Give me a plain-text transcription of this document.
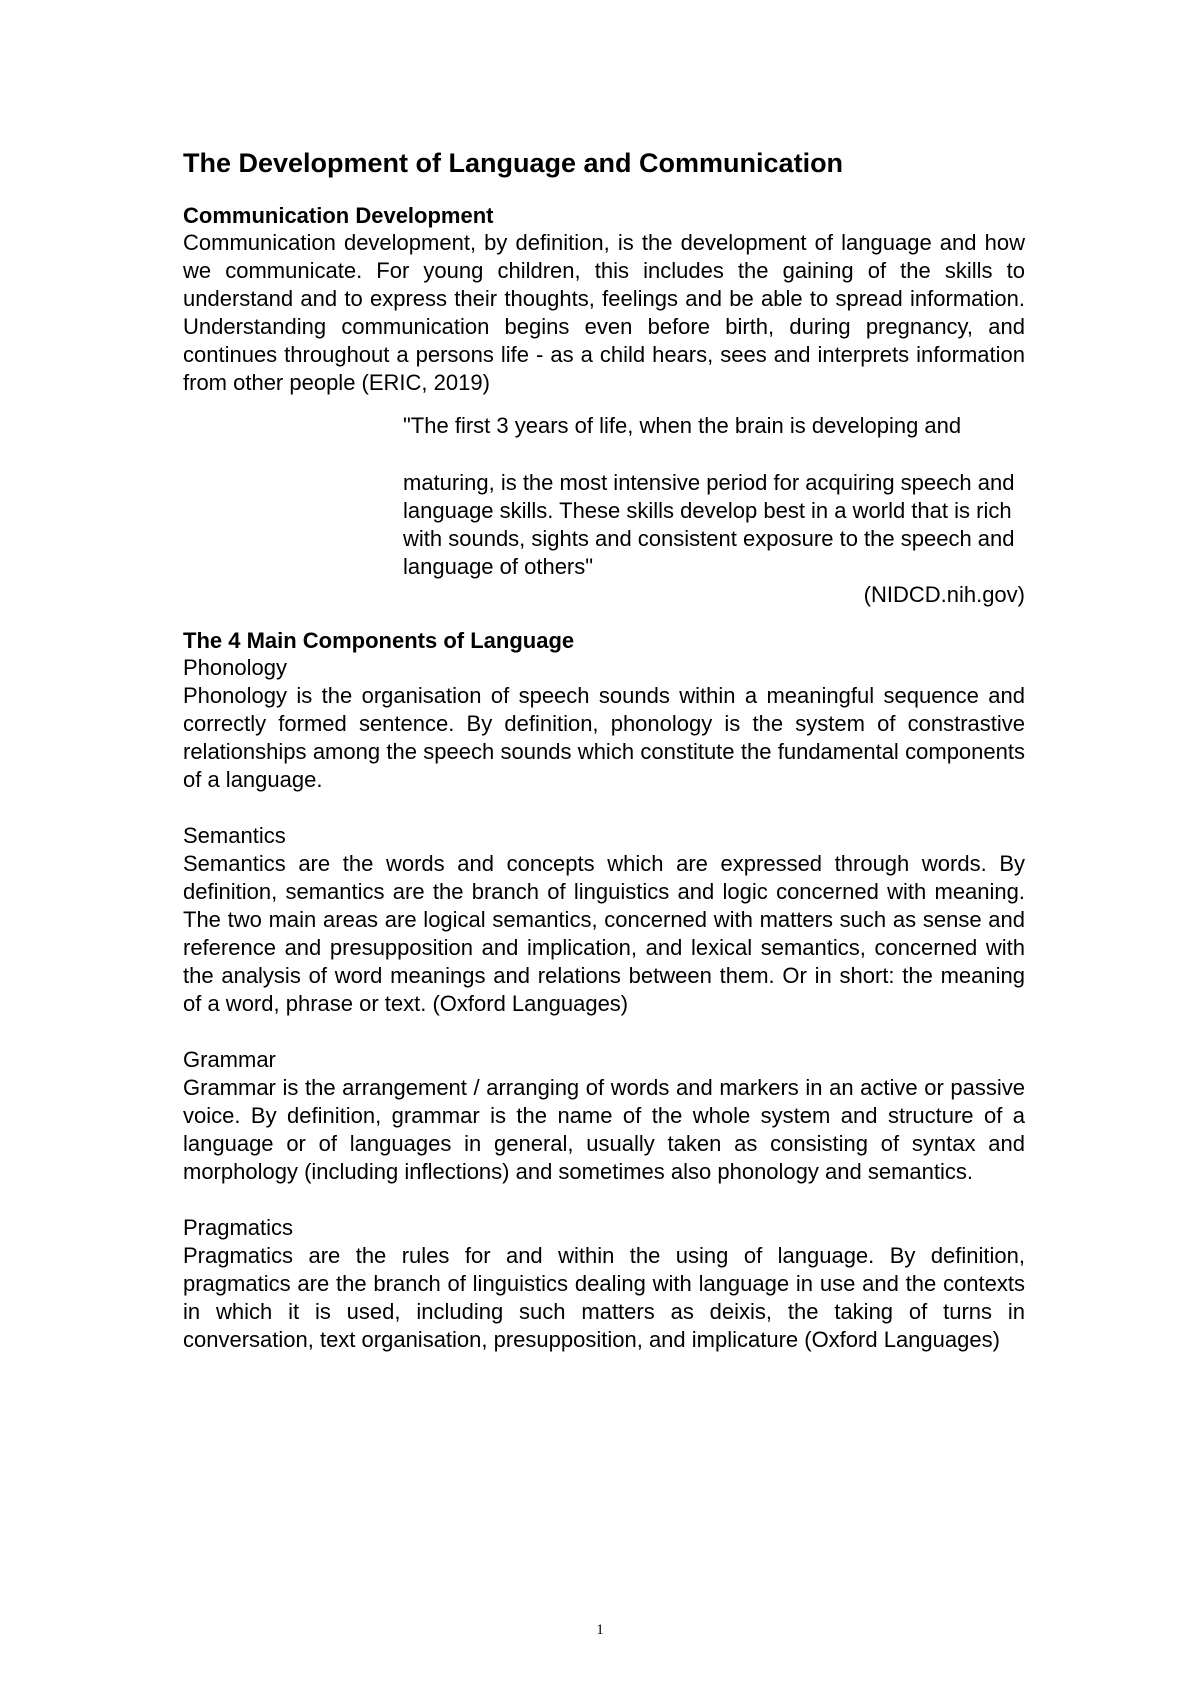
The Development of Language and Communication

Communication Development

Communication development, by definition, is the development of language and how we communicate. For young children, this includes the gaining of the skills to understand and to express their thoughts, feelings and be able to spread information. Understanding communication begins even before birth, during pregnancy, and continues throughout a persons life - as a child hears, sees and interprets information from other people (ERIC, 2019)

"The first 3 years of life, when the brain is developing and

maturing, is the most intensive period for acquiring speech and language skills. These skills develop best in a world that is rich with sounds, sights and consistent exposure to the speech and language of others"

(NIDCD.nih.gov)

The 4 Main Components of Language

Phonology

Phonology is the organisation of speech sounds within a meaningful sequence and correctly formed sentence. By definition, phonology is the system of constrastive relationships among the speech sounds which constitute the fundamental components of a language.

Semantics

Semantics are the words and concepts which are expressed through words. By definition, semantics are the branch of linguistics and logic concerned with meaning. The two main areas are logical semantics, concerned with matters such as sense and reference and presupposition and implication, and lexical semantics, concerned with the analysis of word meanings and relations between them. Or in short: the meaning of a word, phrase or text. (Oxford Languages)

Grammar

Grammar is the arrangement / arranging of words and markers in an active or passive voice. By definition, grammar is the name of the whole system and structure of a language or of languages in general, usually taken as consisting of syntax and morphology (including inflections) and sometimes also phonology and semantics.

Pragmatics

Pragmatics are the rules for and within the using of language. By definition, pragmatics are the branch of linguistics dealing with language in use and the contexts in which it is used, including such matters as deixis, the taking of turns in conversation, text organisation, presupposition, and implicature (Oxford Languages)

1
